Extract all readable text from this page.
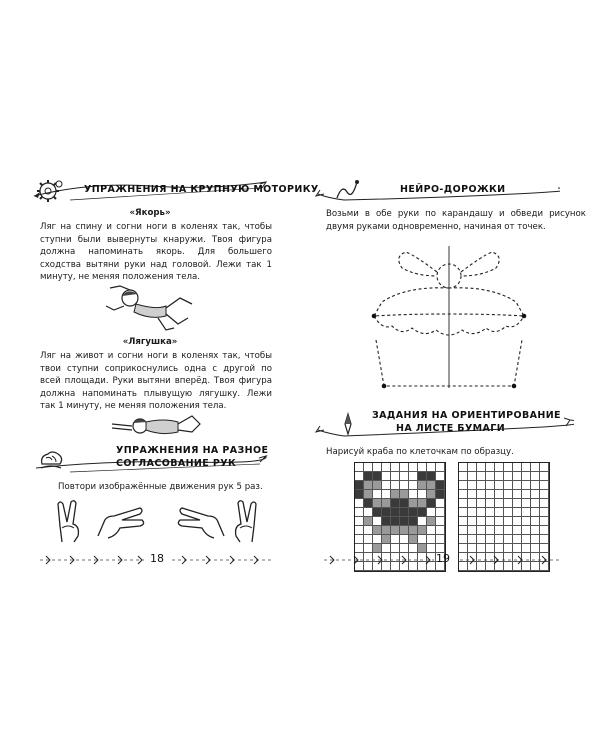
УПРАЖНЕНИЯ НА КРУПНУЮ МОТОРИКУ
«Якорь»
Ляг на спину и согни ноги в коленях так, чтобы ступни были вывернуты кнаружи. Твоя фигура должна напоминать якорь. Для большего сходства вытяни руки над головой. Лежи так 1 минуту, не меняя положения тела.
«Лягушка»
Ляг на живот и согни ноги в коленях так, чтобы твои ступни соприкоснулись одна с другой по всей площади. Руки вытяни вперёд. Твоя фигура должна напоминать плывущую лягушку. Лежи так 1 минуту, не меняя положения тела.
УПРАЖНЕНИЯ НА РАЗНОЕ
СОГЛАСОВАНИЕ РУК
Повтори изображённые движения рук 5 раз.
18
НЕЙРО-ДОРОЖКИ
Возьми в обе руки по карандашу и обведи рисунок двумя руками одновременно, начиная от точек.
ЗАДАНИЯ НА ОРИЕНТИРОВАНИЕ
НА ЛИСТЕ БУМАГИ
Нарисуй краба по клеточкам по образцу.
19
